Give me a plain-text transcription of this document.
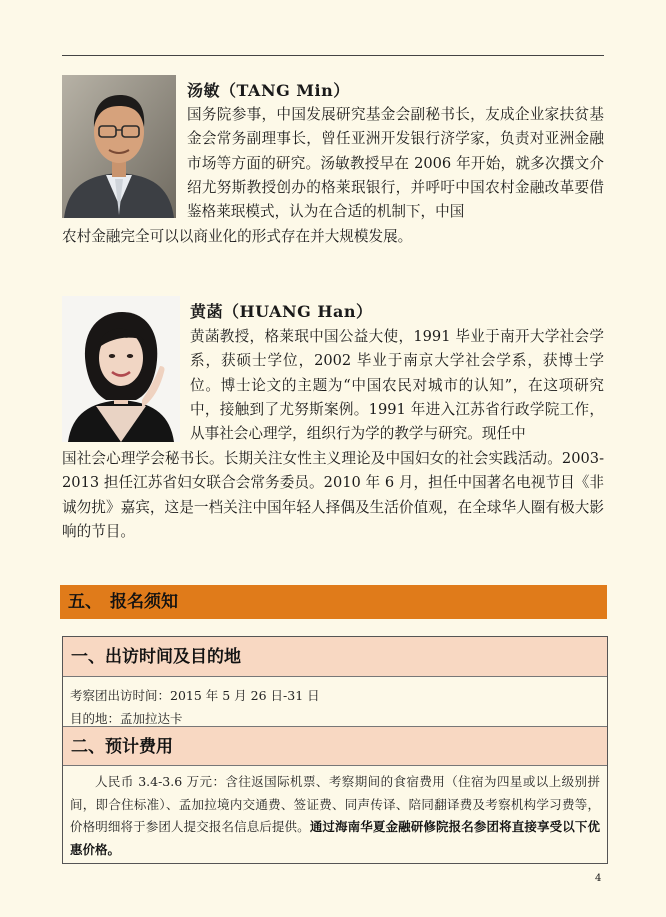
汤敏（TANG Min）
国务院参事，中国发展研究基金会副秘书长，友成企业家扶贫基金会常务副理事长，曾任亚洲开发银行济学家，负责对亚洲金融市场等方面的研究。汤敏教授早在 2006 年开始，就多次撰文介绍尤努斯教授创办的格莱珉银行，并呼吁中国农村金融改革要借鉴格莱珉模式，认为在合适的机制下，中国
农村金融完全可以以商业化的形式存在并大规模发展。
黄菡（HUANG Han）
黄菡教授，格莱珉中国公益大使，1991 毕业于南开大学社会学系，获硕士学位，2002 毕业于南京大学社会学系，获博士学位。博士论文的主题为“中国农民对城市的认知”，在这项研究中，接触到了尤努斯案例。1991 年进入江苏省行政学院工作，从事社会心理学，组织行为学的教学与研究。现任中
国社会心理学会秘书长。长期关注女性主义理论及中国妇女的社会实践活动。2003-2013 担任江苏省妇女联合会常务委员。2010 年 6 月，担任中国著名电视节目《非诚勿扰》嘉宾，这是一档关注中国年轻人择偶及生活价值观，在全球华人圈有极大影响的节目。
五、 报名须知
一、出访时间及目的地
考察团出访时间：2015 年 5 月 26 日-31 日
目的地：孟加拉达卡
二、预计费用
人民币 3.4-3.6 万元：含往返国际机票、考察期间的食宿费用（住宿为四星或以上级别拼间，即合住标准）、孟加拉境内交通费、签证费、同声传译、陪同翻译费及考察机构学习费等，价格明细将于参团人提交报名信息后提供。通过海南华夏金融研修院报名参团将直接享受以下优惠价格。
4
